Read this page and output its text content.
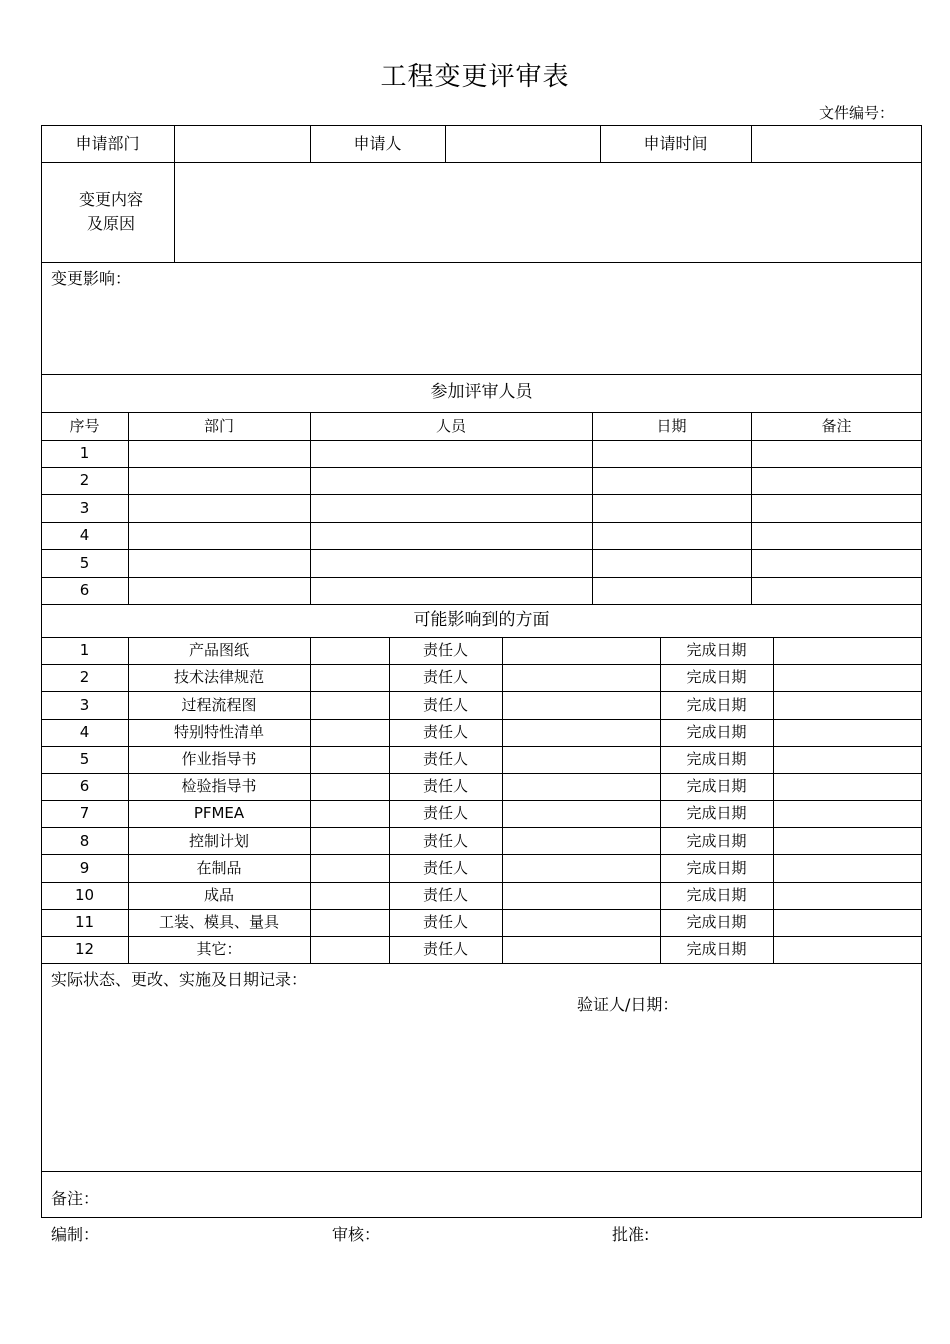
工程变更评审表
文件编号：
申请部门	申请人	申请时间
变更内容
及原因
变更影响：
参加评审人员
序号	部门	人员	日期	备注
1
2
3
4
5
6
可能影响到的方面
1	产品图纸	责任人	完成日期
2	技术法律规范	责任人	完成日期
3	过程流程图	责任人	完成日期
4	特别特性清单	责任人	完成日期
5	作业指导书	责任人	完成日期
6	检验指导书	责任人	完成日期
7	PFMEA	责任人	完成日期
8	控制计划	责任人	完成日期
9	在制品	责任人	完成日期
10	成品	责任人	完成日期
11	工装、模具、量具	责任人	完成日期
12	其它：	责任人	完成日期
实际状态、更改、实施及日期记录：
验证人/日期：
备注：
编制：	审核：	批准:
